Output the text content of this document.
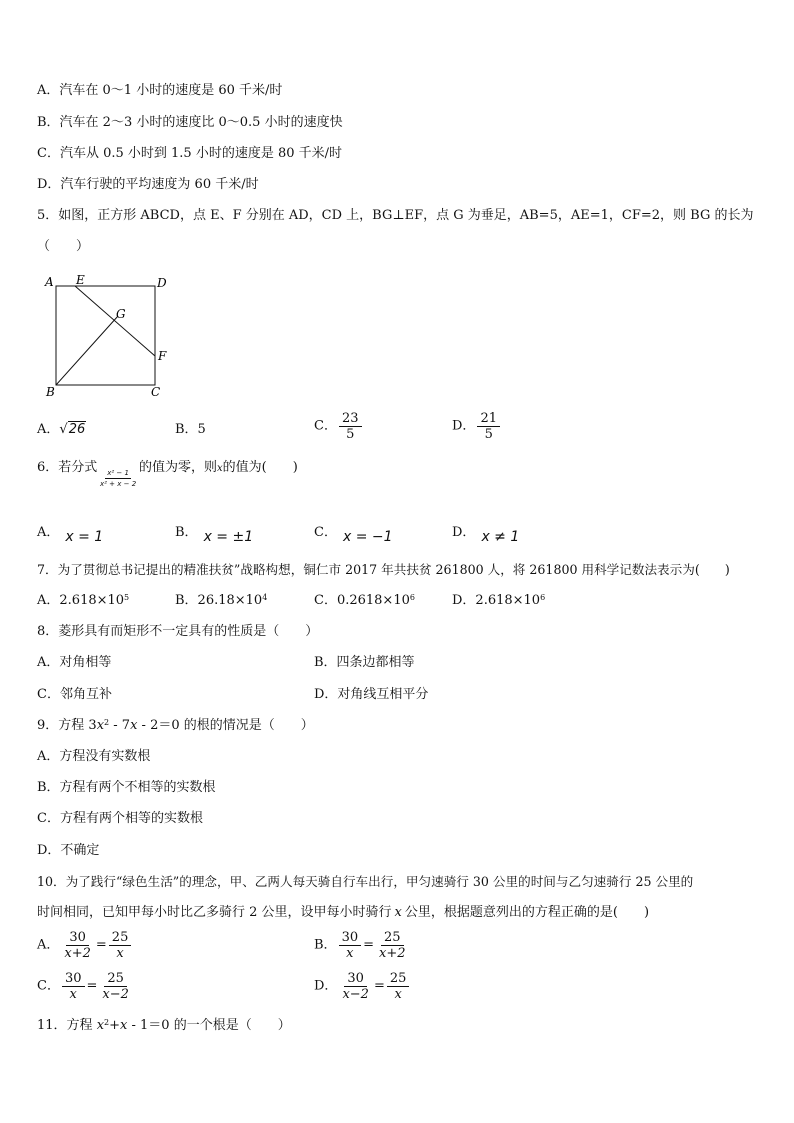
A．汽车在 0～1 小时的速度是 60 千米/时
B．汽车在 2～3 小时的速度比 0～0.5 小时的速度快
C．汽车从 0.5 小时到 1.5 小时的速度是 80 千米/时
D．汽车行驶的平均速度为 60 千米/时
5．如图，正方形 ABCD，点 E、F 分别在 AD，CD 上，BG⊥EF，点 G 为垂足，AB=5，AE=1，CF=2，则 BG 的长为
（　　）
A E	D
G
F
B	C
A．√26	B．5	C． $\frac{23}{5}$	D． $\frac{21}{5}$
6．若分式
$\frac{\text{x² − 1}}{\text{x² + x − 2}}$
的值为零，则x的值为(　　)
A． x = 1	B． x = ±1	C． x = −1	D． x ≠ 1
7．为了贯彻总书记提出的精准扶贫”战略构想，铜仁市 2017 年共扶贫 261800 人，将 261800 用科学记数法表示为(　　)
A．$2.618\times 10^5$	B．$26.18\times 10^4$	C．$0.2618\times 10^6$	D．$2.618\times 10^6$
8．菱形具有而矩形不一定具有的性质是（　　）
A．对角相等	B．四条边都相等
C．邻角互补	D．对角线互相平分
9．方程 $3x^2 - 7x - 2=0$ 的根的情况是（　　）
A．方程没有实数根
B．方程有两个不相等的实数根
C．方程有两个相等的实数根
D．不确定
10．为了践行“绿色生活”的理念，甲、乙两人每天骑自行车出行，甲匀速骑行 30 公里的时间与乙匀速骑行 25 公里的
时间相同，已知甲每小时比乙多骑行 2 公里，设甲每小时骑行 x 公里，根据题意列出的方程正确的是(　　)
A． $\frac{30}{x+2} = \frac{25}{x}$	B． $\frac{30}{x} = \frac{25}{x+2}$
C． $\frac{30}{x} = \frac{25}{x-2}$	D． $\frac{30}{x-2} = \frac{25}{x}$
11．方程 $x^2+x - 1=0$ 的一个根是（　　）
